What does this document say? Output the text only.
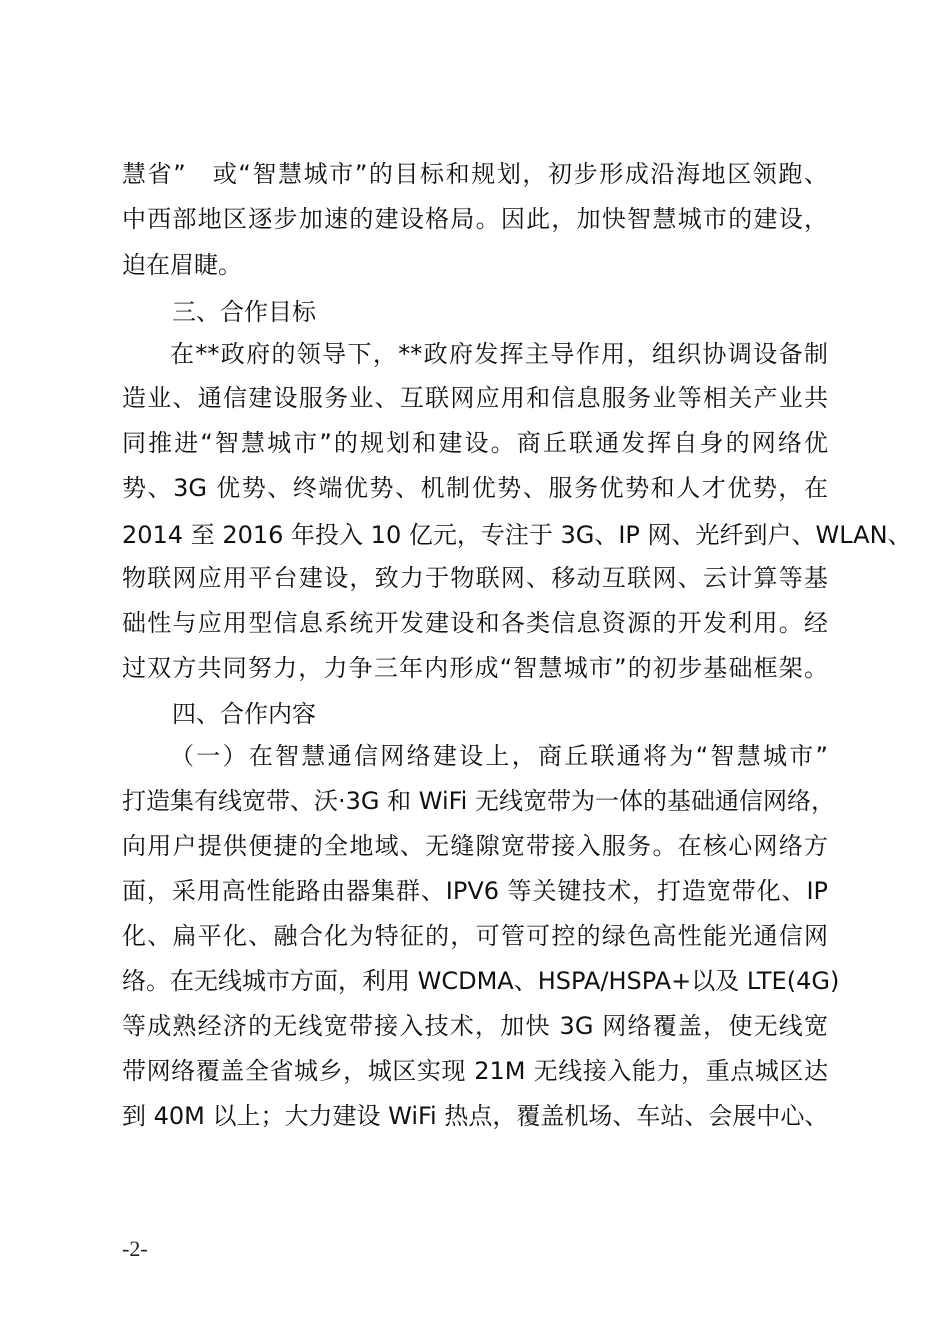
慧省”　或“智慧城市”的目标和规划，初步形成沿海地区领跑、
中西部地区逐步加速的建设格局。因此，加快智慧城市的建设，
迫在眉睫。
三、合作目标
在**政府的领导下，**政府发挥主导作用，组织协调设备制
造业、通信建设服务业、互联网应用和信息服务业等相关产业共
同推进“智慧城市”的规划和建设。商丘联通发挥自身的网络优
势、3G 优势、终端优势、机制优势、服务优势和人才优势，在
2014 至 2016 年投入 10 亿元，专注于 3G、IP 网、光纤到户、WLAN、
物联网应用平台建设，致力于物联网、移动互联网、云计算等基
础性与应用型信息系统开发建设和各类信息资源的开发利用。经
过双方共同努力，力争三年内形成“智慧城市”的初步基础框架。
四、合作内容
（一）在智慧通信网络建设上，商丘联通将为“智慧城市”
打造集有线宽带、沃·3G 和 WiFi 无线宽带为一体的基础通信网络，
向用户提供便捷的全地域、无缝隙宽带接入服务。在核心网络方
面，采用高性能路由器集群、IPV6 等关键技术，打造宽带化、IP
化、扁平化、融合化为特征的，可管可控的绿色高性能光通信网
络。在无线城市方面，利用 WCDMA、HSPA/HSPA+以及 LTE(4G)
等成熟经济的无线宽带接入技术，加快 3G 网络覆盖，使无线宽
带网络覆盖全省城乡，城区实现 21M 无线接入能力，重点城区达
到 40M 以上；大力建设 WiFi 热点，覆盖机场、车站、会展中心、
-2-
